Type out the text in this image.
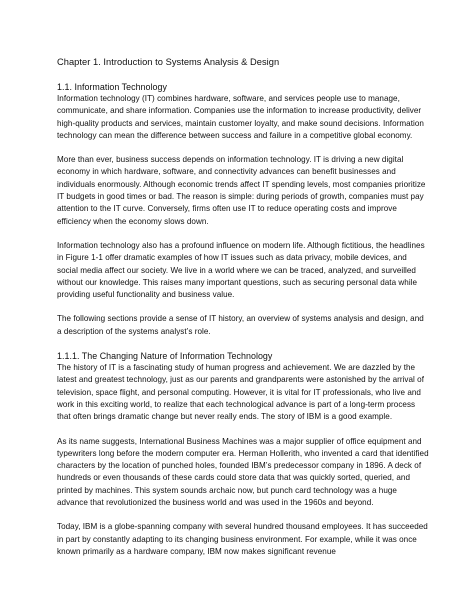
Chapter 1. Introduction to Systems Analysis & Design
1.1. Information Technology

Information technology (IT) combines hardware, software, and services people use to manage, communicate, and share information. Companies use the information to increase productivity, deliver high-quality products and services, maintain customer loyalty, and make sound decisions. Information technology can mean the difference between success and failure in a competitive global economy.

More than ever, business success depends on information technology. IT is driving a new digital economy in which hardware, software, and connectivity advances can benefit businesses and individuals enormously. Although economic trends affect IT spending levels, most companies prioritize IT budgets in good times or bad. The reason is simple: during periods of growth, companies must pay attention to the IT curve. Conversely, firms often use IT to reduce operating costs and improve efficiency when the economy slows down.

Information technology also has a profound influence on modern life. Although fictitious, the headlines in Figure 1-1 offer dramatic examples of how IT issues such as data privacy, mobile devices, and social media affect our society. We live in a world where we can be traced, analyzed, and surveilled without our knowledge. This raises many important questions, such as securing personal data while providing useful functionality and business value.

The following sections provide a sense of IT history, an overview of systems analysis and design, and a description of the systems analyst’s role.

1.1.1. The Changing Nature of Information Technology

The history of IT is a fascinating study of human progress and achievement. We are dazzled by the latest and greatest technology, just as our parents and grandparents were astonished by the arrival of television, space flight, and personal computing. However, it is vital for IT professionals, who live and work in this exciting world, to realize that each technological advance is part of a long-term process that often brings dramatic change but never really ends. The story of IBM is a good example.

As its name suggests, International Business Machines was a major supplier of office equipment and typewriters long before the modern computer era. Herman Hollerith, who invented a card that identified characters by the location of punched holes, founded IBM’s predecessor company in 1896. A deck of hundreds or even thousands of these cards could store data that was quickly sorted, queried, and printed by machines. This system sounds archaic now, but punch card technology was a huge advance that revolutionized the business world and was used in the 1960s and beyond.

Today, IBM is a globe-spanning company with several hundred thousand employees. It has succeeded in part by constantly adapting to its changing business environment. For example, while it was once known primarily as a hardware company, IBM now makes significant revenue
